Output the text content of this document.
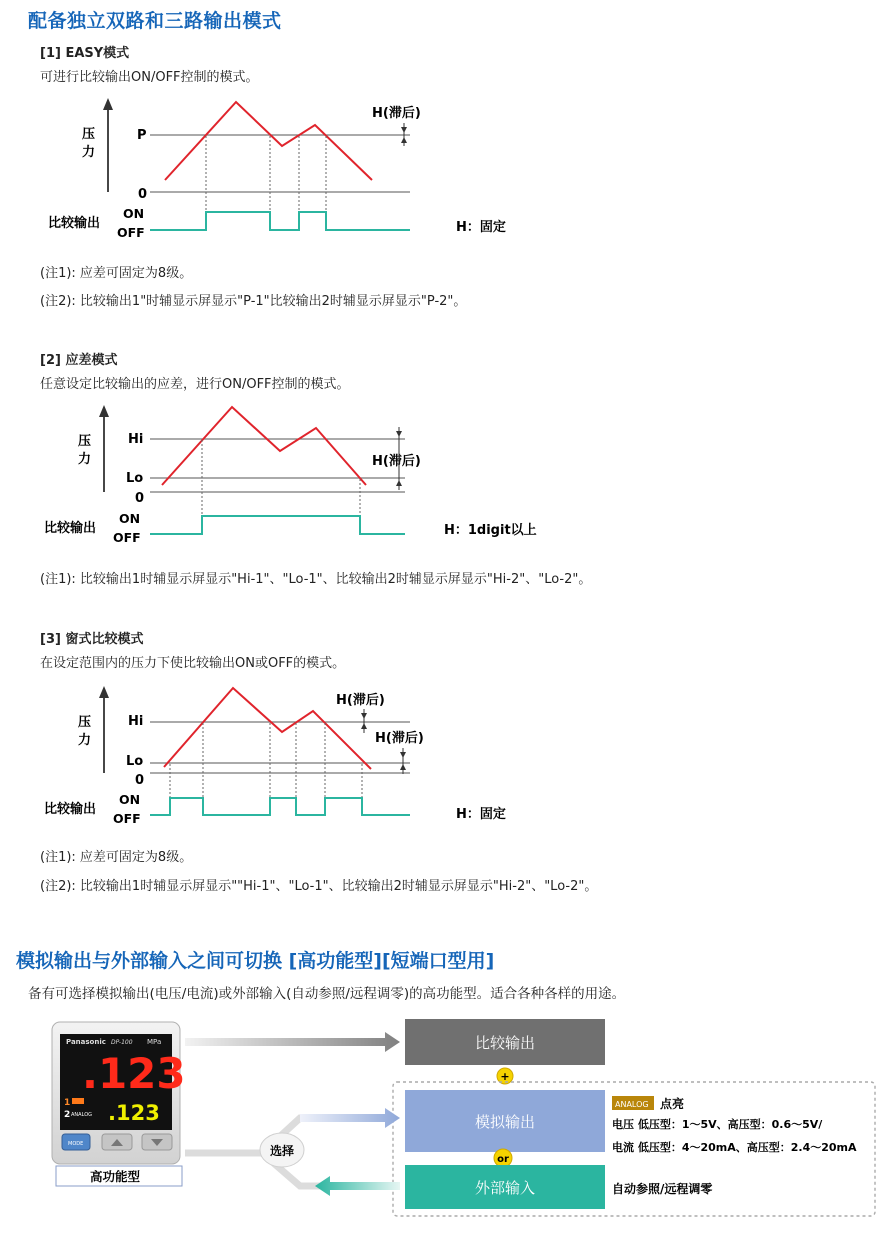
配备独立双路和三路输出模式
[1] EASY模式
可进行比较输出ON/OFF控制的模式。
压
力
P
0
H(滞后)
比较输出
ON
OFF	H：固定
(注1): 应差可固定为8级。
(注2): 比较输出1"时辅显示屏显示"P-1"比较输出2时辅显示屏显示"P-2"。
[2] 应差模式
任意设定比较输出的应差，进行ON/OFF控制的模式。
压
力
Hi
Lo
0
H(滞后)
比较输出
ON
OFF	H：1digit以上
(注1): 比较输出1时辅显示屏显示"Hi-1"、"Lo-1"、比较输出2时辅显示屏显示"Hi-2"、"Lo-2"。
[3] 窗式比较模式
在设定范围内的压力下使比较输出ON或OFF的模式。
压
力
Hi
Lo
0
H(滞后)
H(滞后)
比较输出
ON
OFF	H：固定
(注1): 应差可固定为8级。
(注2): 比较输出1时辅显示屏显示""Hi-1"、"Lo-1"、比较输出2时辅显示屏显示"Hi-2"、"Lo-2"。
模拟输出与外部输入之间可切换 [高功能型][短端口型用]
备有可选择模拟输出(电压/电流)或外部输入(自动参照/远程调零)的高功能型。适合各种各样的用途。
Panasonic DP-100 MPa
.123
1
2 ANALOG .123
MODE
高功能型
比较输出
+
选择
模拟输出
or
外部输入
ANALOG 点亮
电压 低压型：1～5V、高压型：0.6～5V/
电流 低压型：4～20mA、高压型：2.4～20mA
自动参照/远程调零
